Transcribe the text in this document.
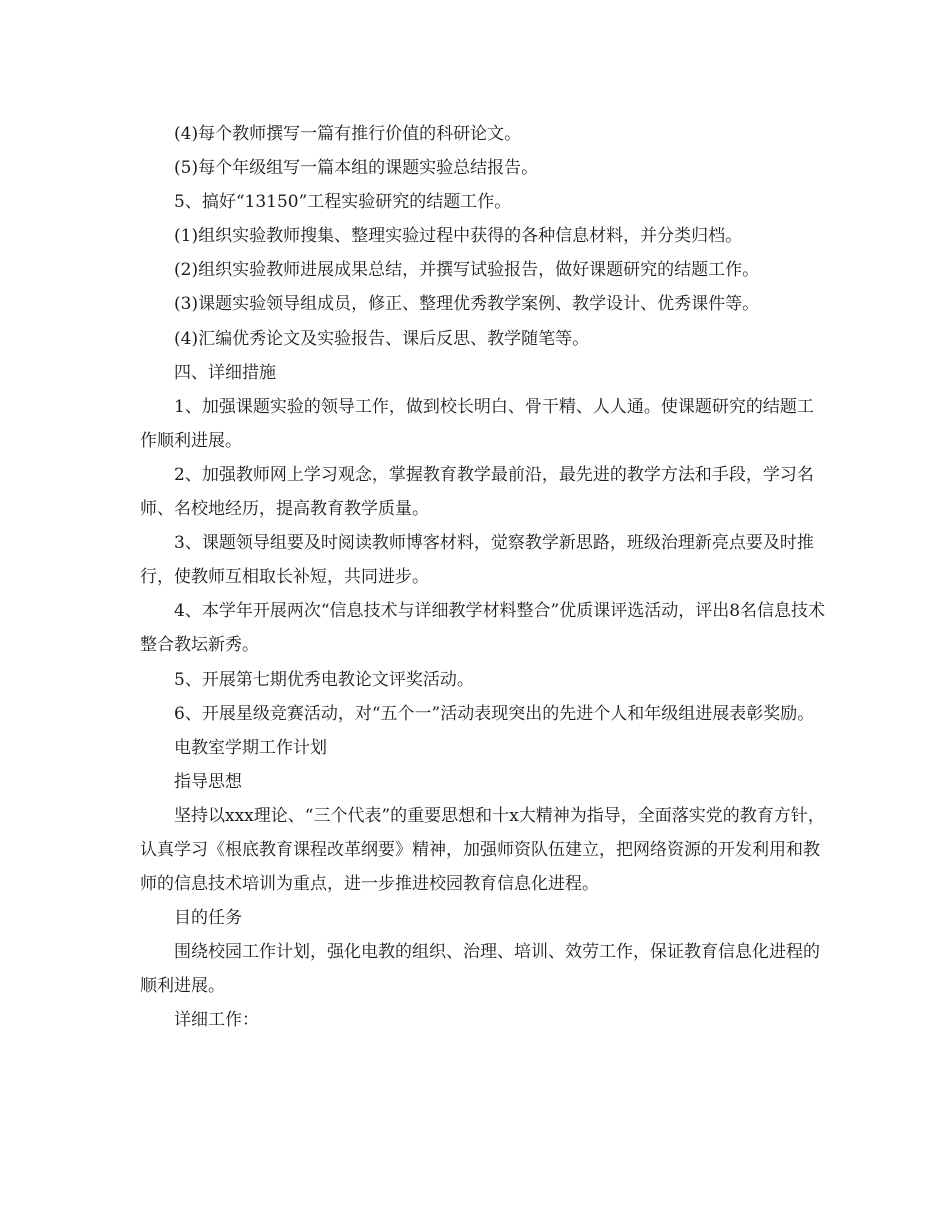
(4)每个教师撰写一篇有推行价值的科研论文。

(5)每个年级组写一篇本组的课题实验总结报告。

5、搞好“13150”工程实验研究的结题工作。

(1)组织实验教师搜集、整理实验过程中获得的各种信息材料，并分类归档。

(2)组织实验教师进展成果总结，并撰写试验报告，做好课题研究的结题工作。

(3)课题实验领导组成员，修正、整理优秀教学案例、教学设计、优秀课件等。

(4)汇编优秀论文及实验报告、课后反思、教学随笔等。

四、详细措施

1、加强课题实验的领导工作，做到校长明白、骨干精、人人通。使课题研究的结题工作顺利进展。

2、加强教师网上学习观念，掌握教育教学最前沿，最先进的教学方法和手段，学习名师、名校地经历，提高教育教学质量。

3、课题领导组要及时阅读教师博客材料，觉察教学新思路，班级治理新亮点要及时推行，使教师互相取长补短，共同进步。

4、本学年开展两次“信息技术与详细教学材料整合”优质课评选活动，评出8名信息技术整合教坛新秀。

5、开展第七期优秀电教论文评奖活动。

6、开展星级竞赛活动，对“五个一”活动表现突出的先进个人和年级组进展表彰奖励。

电教室学期工作计划

指导思想

坚持以xxx理论、“三个代表”的重要思想和十x大精神为指导，全面落实党的教育方针，认真学习《根底教育课程改革纲要》精神，加强师资队伍建立，把网络资源的开发利用和教师的信息技术培训为重点，进一步推进校园教育信息化进程。

目的任务

围绕校园工作计划，强化电教的组织、治理、培训、效劳工作，保证教育信息化进程的顺利进展。

详细工作：
